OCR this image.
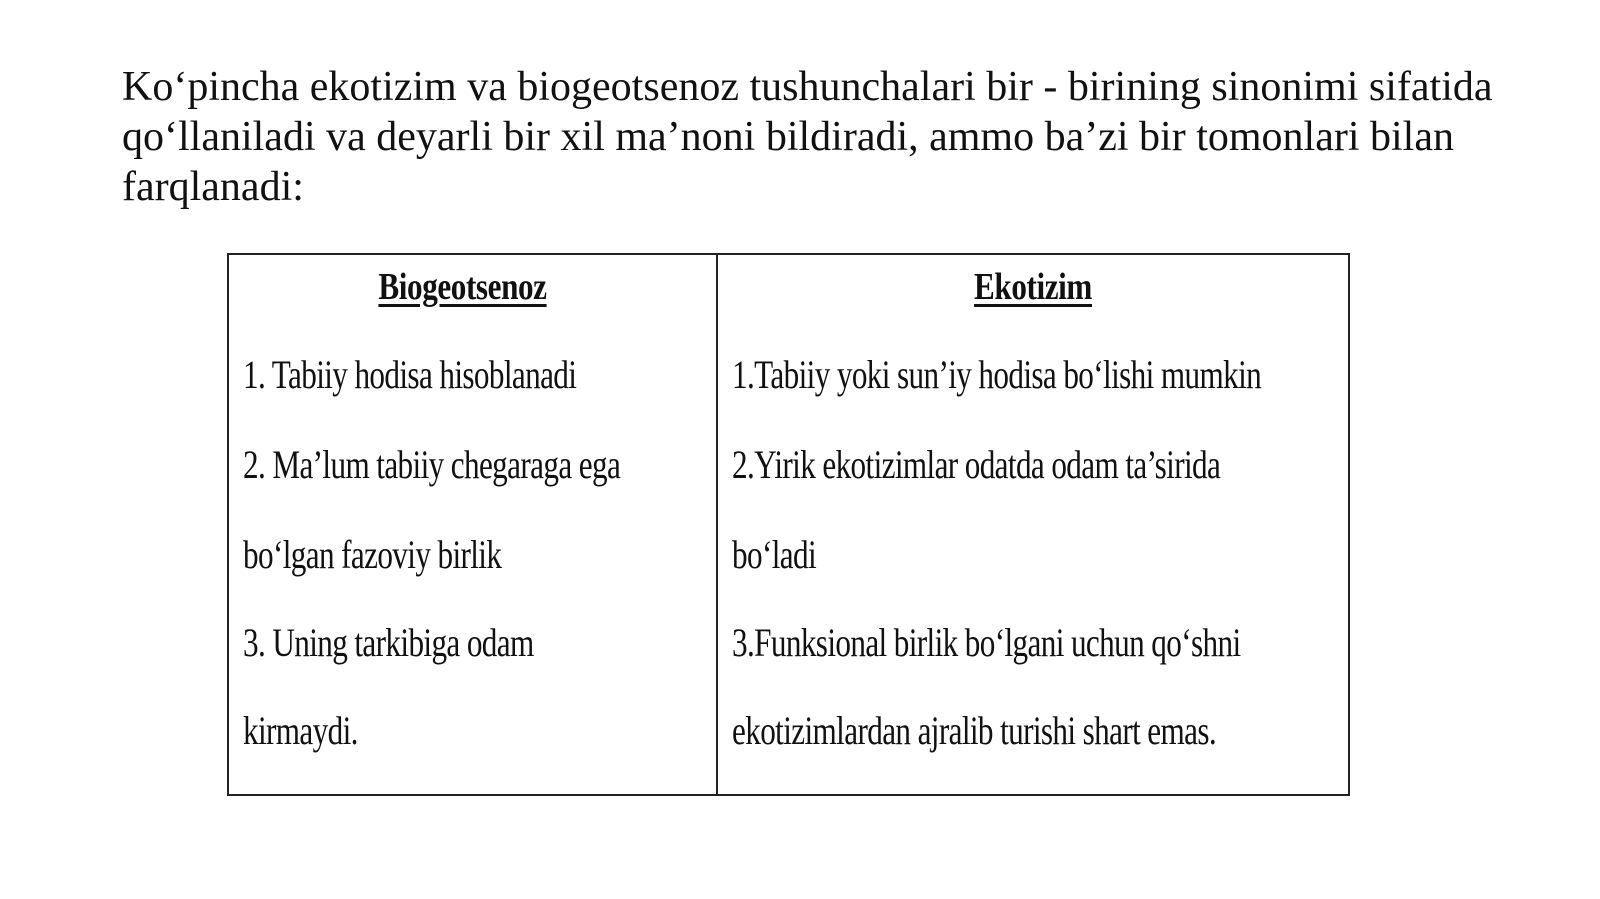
Ko‘pincha ekotizim va biogeotsenoz tushunchalari bir - birining sinonimi sifatida qo‘llaniladi va deyarli bir xil ma’noni bildiradi, ammo ba’zi bir tomonlari bilan farqlanadi:

Biogeotsenoz
1. Tabiiy hodisa hisoblanadi
2. Ma’lum tabiiy chegaraga ega
bo‘lgan fazoviy birlik
3. Uning tarkibiga odam
kirmaydi.
Ekotizim
1.Tabiiy yoki sun’iy hodisa bo‘lishi mumkin
2.Yirik ekotizimlar odatda odam ta’sirida
bo‘ladi
3.Funksional birlik bo‘lgani uchun qo‘shni
ekotizimlardan ajralib turishi shart emas.
